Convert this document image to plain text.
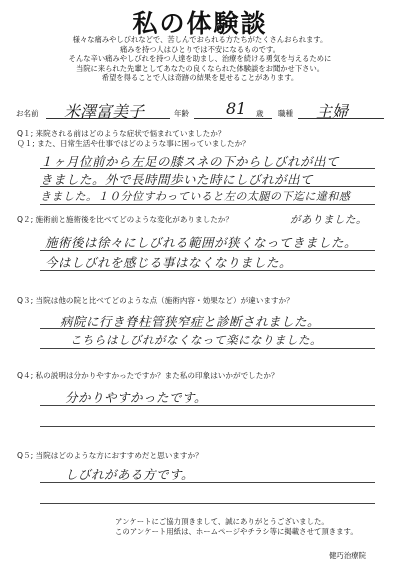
私の体験談
様々な痛みやしびれなどで、苦しんでおられる方たちがたくさんおられます。
痛みを持つ人はひとりでは不安になるものです。
そんな辛い痛みやしびれを持つ人達を助まし、治療を続ける勇気を与えるために
当院に来られた先輩としてあなたの良くなられた体験談をお聞かせ下さい。
希望を得ることで人は奇跡の結果を見せることがあります。
お名前 米澤富美子	年齢 81 歳 職種 主婦
Q１; 来院される前はどのような症状で悩まれていましたか？
Ｑ１; また、日常生活や仕事ではどのような事に困っていましたか？
１ヶ月位前から左足の膝スネの下からしびれが出て
きました。外で長時間歩いた時にしびれが出て
きました。１０分位すわっていると左の太腿の下迄に違和感
Q２; 施術前と施術後を比べてどのような変化がありましたか？	がありました。
施術後は徐々にしびれる範囲が狭くなってきました。
今はしびれを感じる事はなくなりました。
Q３; 当院は他の院と比べてどのような点（施術内容・効果など）が違いますか？
病院に行き脊柱管狭窄症と診断されました。
こちらはしびれがなくなって楽になりました。
Q４; 私の説明は分かりやすかったですか？また私の印象はいかがでしたか？
分かりやすかったです。
Q５; 当院はどのような方におすすめだと思いますか？
しびれがある方です。
アンケートにご協力頂きまして、誠にありがとうございました。
このアンケート用紙は、ホームページやチラシ等に掲載させて頂きます。
健巧治療院
